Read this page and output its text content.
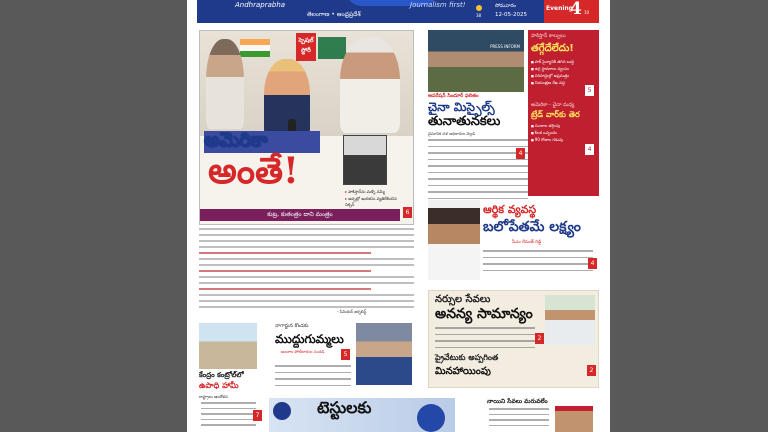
Andhraprabha	Journalism first!
తెలంగాణ • ఆంధ్రప్రదేశ్	38
సోమవారం
12-05-2025
Evening
4 10
స్పెషల్ స్టోరీ
అమెరికా
అంతే!	▸ పాకిస్తాన్‌ను మళ్ళీ నమ్మి
▸ అప్పట్లో ఇందిరను వ్యతిరేకించిన నిక్సన్
▸
▸
కుట్ర, కుతంత్రం దాని మంత్రం	6
- సీనియర్ జర్నలిస్ట్
PRESS INFORM
ఆపరేషన్ సిందూర్ ఫలితం
చైనా మిస్సైల్స్
తునాతునకలు
వైమానిక దళ అధికారుల వెల్లడి
4
పాకిస్తాన్ కాల్పులు
తగ్గేదేలేదు!
■ పాక్ సైన్యానికి తగిన బుద్ధి
■ ఉగ్ర స్థావరాలు ధ్వంసం
■ సరిహద్దుల్లో అప్రమత్తం
■ నియంత్రణ రేఖ వద్ద
5
అమెరికా - చైనా మధ్య
ట్రేడ్ వార్‌కు తెర
■ సుంకాల తగ్గింపు
■ కీలక ఒప్పందం
■ 90 రోజుల గడువు
4
ఆర్థిక వ్యవస్థ
బలోపేతమే లక్ష్యం
సీఎం రేవంత్ రెడ్డి
4
నర్సుల సేవలు
అనన్య సామాన్యం
2
ప్రైవేటుకు అప్పగింత
మినహాయింపు	2
కేంద్రం కంట్రోల్‌లో
ఉపాధి హామీ
రాష్ట్రాలు ఆందోళన
7
నాగార్జున కొండకు
ముద్దుగుమ్మలు
అందాల పోటీదారుల సందడి	5
టెస్టులకు	నాయిని సేవలు మరువలేం
